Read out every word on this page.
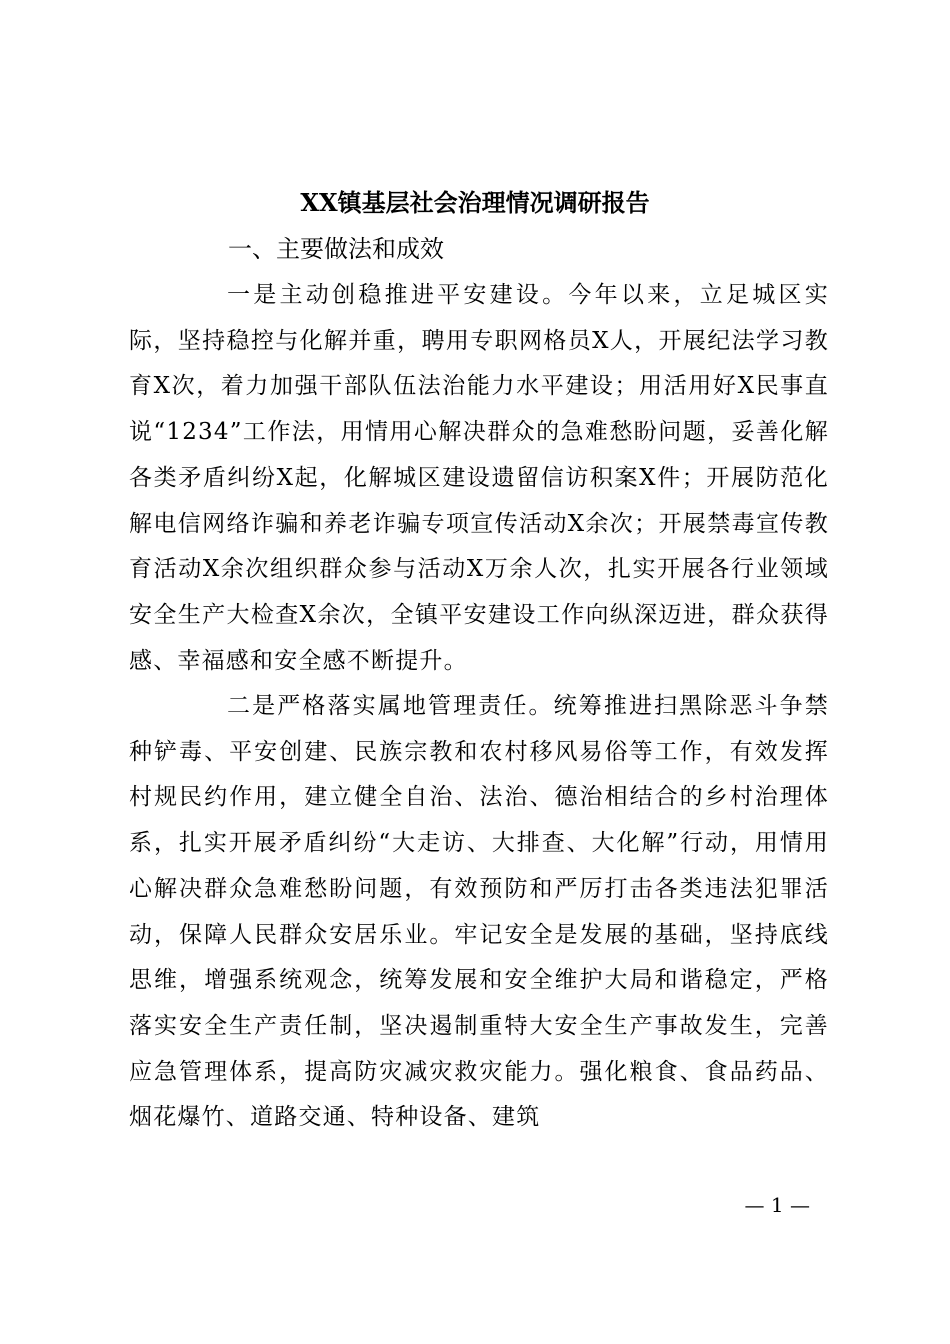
XX镇基层社会治理情况调研报告
一、主要做法和成效

一是主动创稳推进平安建设。今年以来，立足城区实际，坚持稳控与化解并重，聘用专职网格员X人，开展纪法学习教育X次，着力加强干部队伍法治能力水平建设；用活用好X民事直说“1234”工作法，用情用心解决群众的急难愁盼问题，妥善化解各类矛盾纠纷X起，化解城区建设遗留信访积案X件；开展防范化解电信网络诈骗和养老诈骗专项宣传活动X余次；开展禁毒宣传教育活动X余次组织群众参与活动X万余人次，扎实开展各行业领域安全生产大检查X余次，全镇平安建设工作向纵深迈进，群众获得感、幸福感和安全感不断提升。

二是严格落实属地管理责任。统筹推进扫黑除恶斗争禁种铲毒、平安创建、民族宗教和农村移风易俗等工作，有效发挥村规民约作用，建立健全自治、法治、德治相结合的乡村治理体系，扎实开展矛盾纠纷“大走访、大排查、大化解”行动，用情用心解决群众急难愁盼问题，有效预防和严厉打击各类违法犯罪活动，保障人民群众安居乐业。牢记安全是发展的基础，坚持底线思维，增强系统观念，统筹发展和安全维护大局和谐稳定，严格落实安全生产责任制，坚决遏制重特大安全生产事故发生，完善应急管理体系，提高防灾减灾救灾能力。强化粮食、食品药品、烟花爆竹、道路交通、特种设备、建筑

— 1 —
